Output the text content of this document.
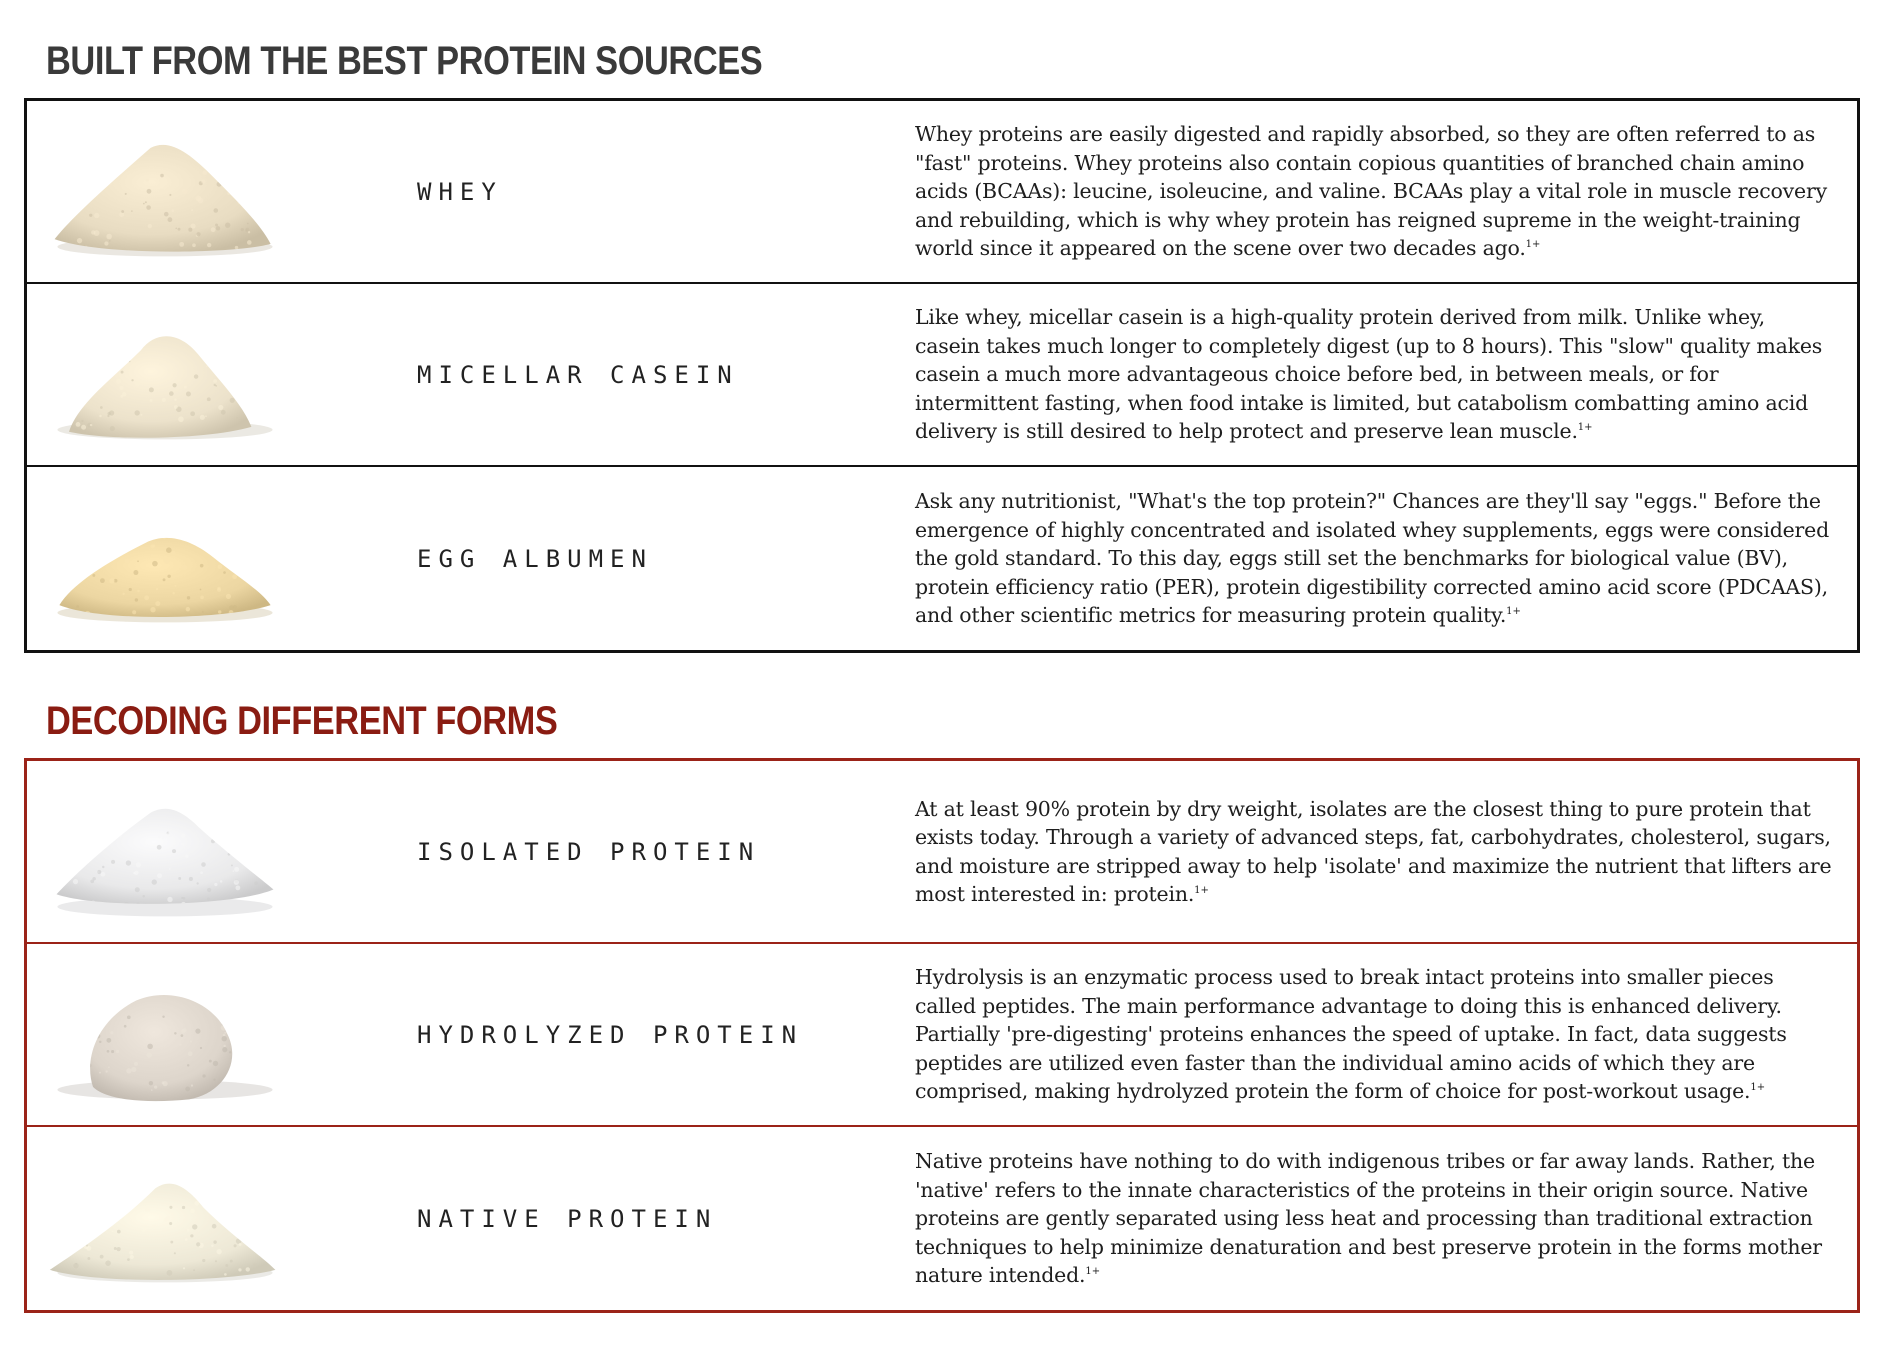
BUILT FROM THE BEST PROTEIN SOURCES
WHEY

Whey proteins are easily digested and rapidly absorbed, so they are often referred to as "fast" proteins. Whey proteins also contain copious quantities of branched chain amino acids (BCAAs): leucine, isoleucine, and valine. BCAAs play a vital role in muscle recovery and rebuilding, which is why whey protein has reigned supreme in the weight-training world since it appeared on the scene over two decades ago.$^{1+}$

MICELLAR CASEIN

Like whey, micellar casein is a high-quality protein derived from milk. Unlike whey, casein takes much longer to completely digest (up to 8 hours). This "slow" quality makes casein a much more advantageous choice before bed, in between meals, or for intermittent fasting, when food intake is limited, but catabolism combatting amino acid delivery is still desired to help protect and preserve lean muscle.$^{1+}$

EGG ALBUMEN

Ask any nutritionist, "What's the top protein?" Chances are they'll say "eggs." Before the emergence of highly concentrated and isolated whey supplements, eggs were considered the gold standard. To this day, eggs still set the benchmarks for biological value (BV), protein efficiency ratio (PER), protein digestibility corrected amino acid score (PDCAAS), and other scientific metrics for measuring protein quality.$^{1+}$

DECODING DIFFERENT FORMS
ISOLATED PROTEIN

At at least 90% protein by dry weight, isolates are the closest thing to pure protein that exists today. Through a variety of advanced steps, fat, carbohydrates, cholesterol, sugars, and moisture are stripped away to help 'isolate' and maximize the nutrient that lifters are most interested in: protein.$^{1+}$

HYDROLYZED PROTEIN

Hydrolysis is an enzymatic process used to break intact proteins into smaller pieces called peptides. The main performance advantage to doing this is enhanced delivery. Partially 'pre-digesting' proteins enhances the speed of uptake. In fact, data suggests peptides are utilized even faster than the individual amino acids of which they are comprised, making hydrolyzed protein the form of choice for post-workout usage.$^{1+}$

NATIVE PROTEIN

Native proteins have nothing to do with indigenous tribes or far away lands. Rather, the 'native' refers to the innate characteristics of the proteins in their origin source. Native proteins are gently separated using less heat and processing than traditional extraction techniques to help minimize denaturation and best preserve protein in the forms mother nature intended.$^{1+}$
